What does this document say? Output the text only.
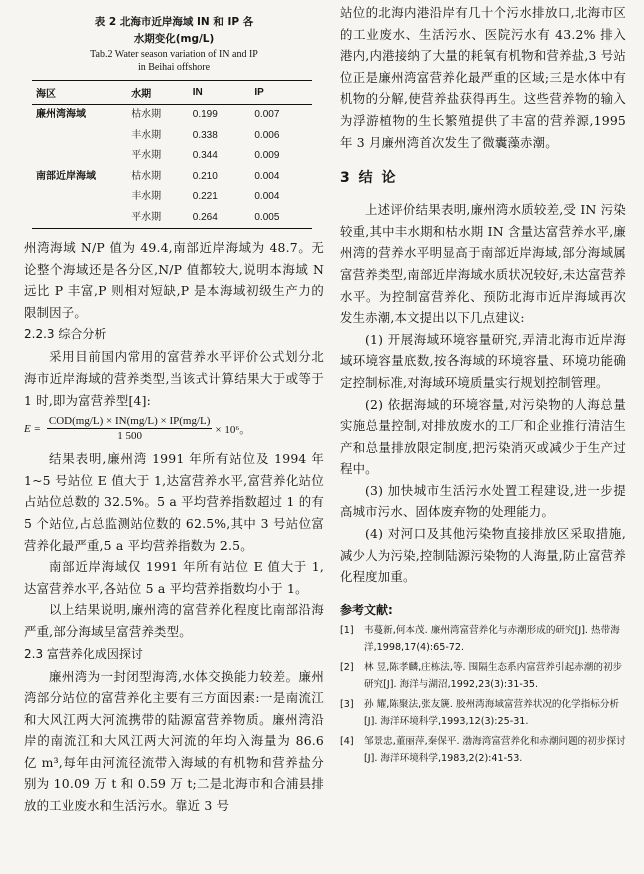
表 2 北海市近岸海域 IN 和 IP 各

水期变化(mg/L)

Tab.2 Water season variation of IN and IP

in Beihai offshore

海区	水期	IN	IP
廉州湾海域	枯水期	0.199	0.007
	丰水期	0.338	0.006
	平水期	0.344	0.009
南部近岸海域	枯水期	0.210	0.004
	丰水期	0.221	0.004
	平水期	0.264	0.005

州湾海域 N/P 值为 49.4,南部近岸海域为 48.7。无论整个海域还是各分区,N/P 值都较大,说明本海域 N 远比 P 丰富,P 则相对短缺,P 是本海域初级生产力的限制因子。

2.2.3 综合分析

采用目前国内常用的富营养水平评价公式划分北海市近岸海域的营养类型,当该式计算结果大于或等于 1 时,即为富营养型[4]:

$E = \frac{\text{COD(mg/L) × IN(mg/L) × IP(mg/L)}}{1 500} \times 10^6$。

结果表明,廉州湾 1991 年所有站位及 1994 年 1~5 号站位 E 值大于 1,达富营养水平,富营养化站位占站位总数的 32.5%。5 a 平均营养指数超过 1 的有 5 个站位,占总监测站位数的 62.5%,其中 3 号站位富营养化最严重,5 a 平均营养指数为 2.5。

南部近岸海域仅 1991 年所有站位 E 值大于 1,达富营养水平,各站位 5 a 平均营养指数均小于 1。

以上结果说明,廉州湾的富营养化程度比南部沿海严重,部分海域呈富营养类型。

2.3 富营养化成因探讨

廉州湾为一封闭型海湾,水体交换能力较差。廉州湾部分站位的富营养化主要有三方面因素:一是南流江和大风江两大河流携带的陆源富营养物质。廉州湾沿岸的南流江和大风江两大河流的年均入海量为 86.6 亿 m³,每年由河流径流带入海域的有机物和营养盐分别为 10.09 万 t 和 0.59 万 t;二是北海市和合浦县排放的工业废水和生活污水。靠近 3 号

站位的北海内港沿岸有几十个污水排放口,北海市区的工业废水、生活污水、医院污水有 43.2% 排入港内,内港接纳了大量的耗氧有机物和营养盐,3 号站位正是廉州湾富营养化最严重的区域;三是水体中有机物的分解,使营养盐获得再生。这些营养物的输入为浮游植物的生长繁殖提供了丰富的营养源,1995 年 3 月廉州湾首次发生了微囊藻赤潮。

3 结 论

上述评价结果表明,廉州湾水质较差,受 IN 污染较重,其中丰水期和枯水期 IN 含量达富营养水平,廉州湾的营养水平明显高于南部近岸海域,部分海域属富营养类型,南部近岸海域水质状况较好,未达富营养水平。为控制富营养化、预防北海市近岸海域再次发生赤潮,本文提出以下几点建议:

(1) 开展海域环境容量研究,弄清北海市近岸海域环境容量底数,按各海域的环境容量、环境功能确定控制标准,对海域环境质量实行规划控制管理。

(2) 依据海域的环境容量,对污染物的人海总量实施总量控制,对排放废水的工厂和企业推行清洁生产和总量排放限定制度,把污染消灭或减少于生产过程中。

(3) 加快城市生活污水处置工程建设,进一步提高城市污水、固体废弃物的处理能力。

(4) 对河口及其他污染物直接排放区采取措施,减少人为污染,控制陆源污染物的人海量,防止富营养化程度加重。

参考文献:

[1]	韦蔓新,何本茂. 廉州湾富营养化与赤潮形成的研究[J]. 热带海洋,1998,17(4):65-72.
[2]	林 昱,陈孝麟,庄栋法,等. 围隔生态系内富营养引起赤潮的初步研究[J]. 海洋与湖沼,1992,23(3):31-35.
[3]	孙 耀,陈聚法,张友篪. 胶州湾海域富营养状况的化学指标分析[J]. 海洋环境科学,1993,12(3):25-31.
[4]	邹景忠,董丽萍,秦保平. 渤海湾富营养化和赤潮问题的初步探讨[J]. 海洋环境科学,1983,2(2):41-53.
